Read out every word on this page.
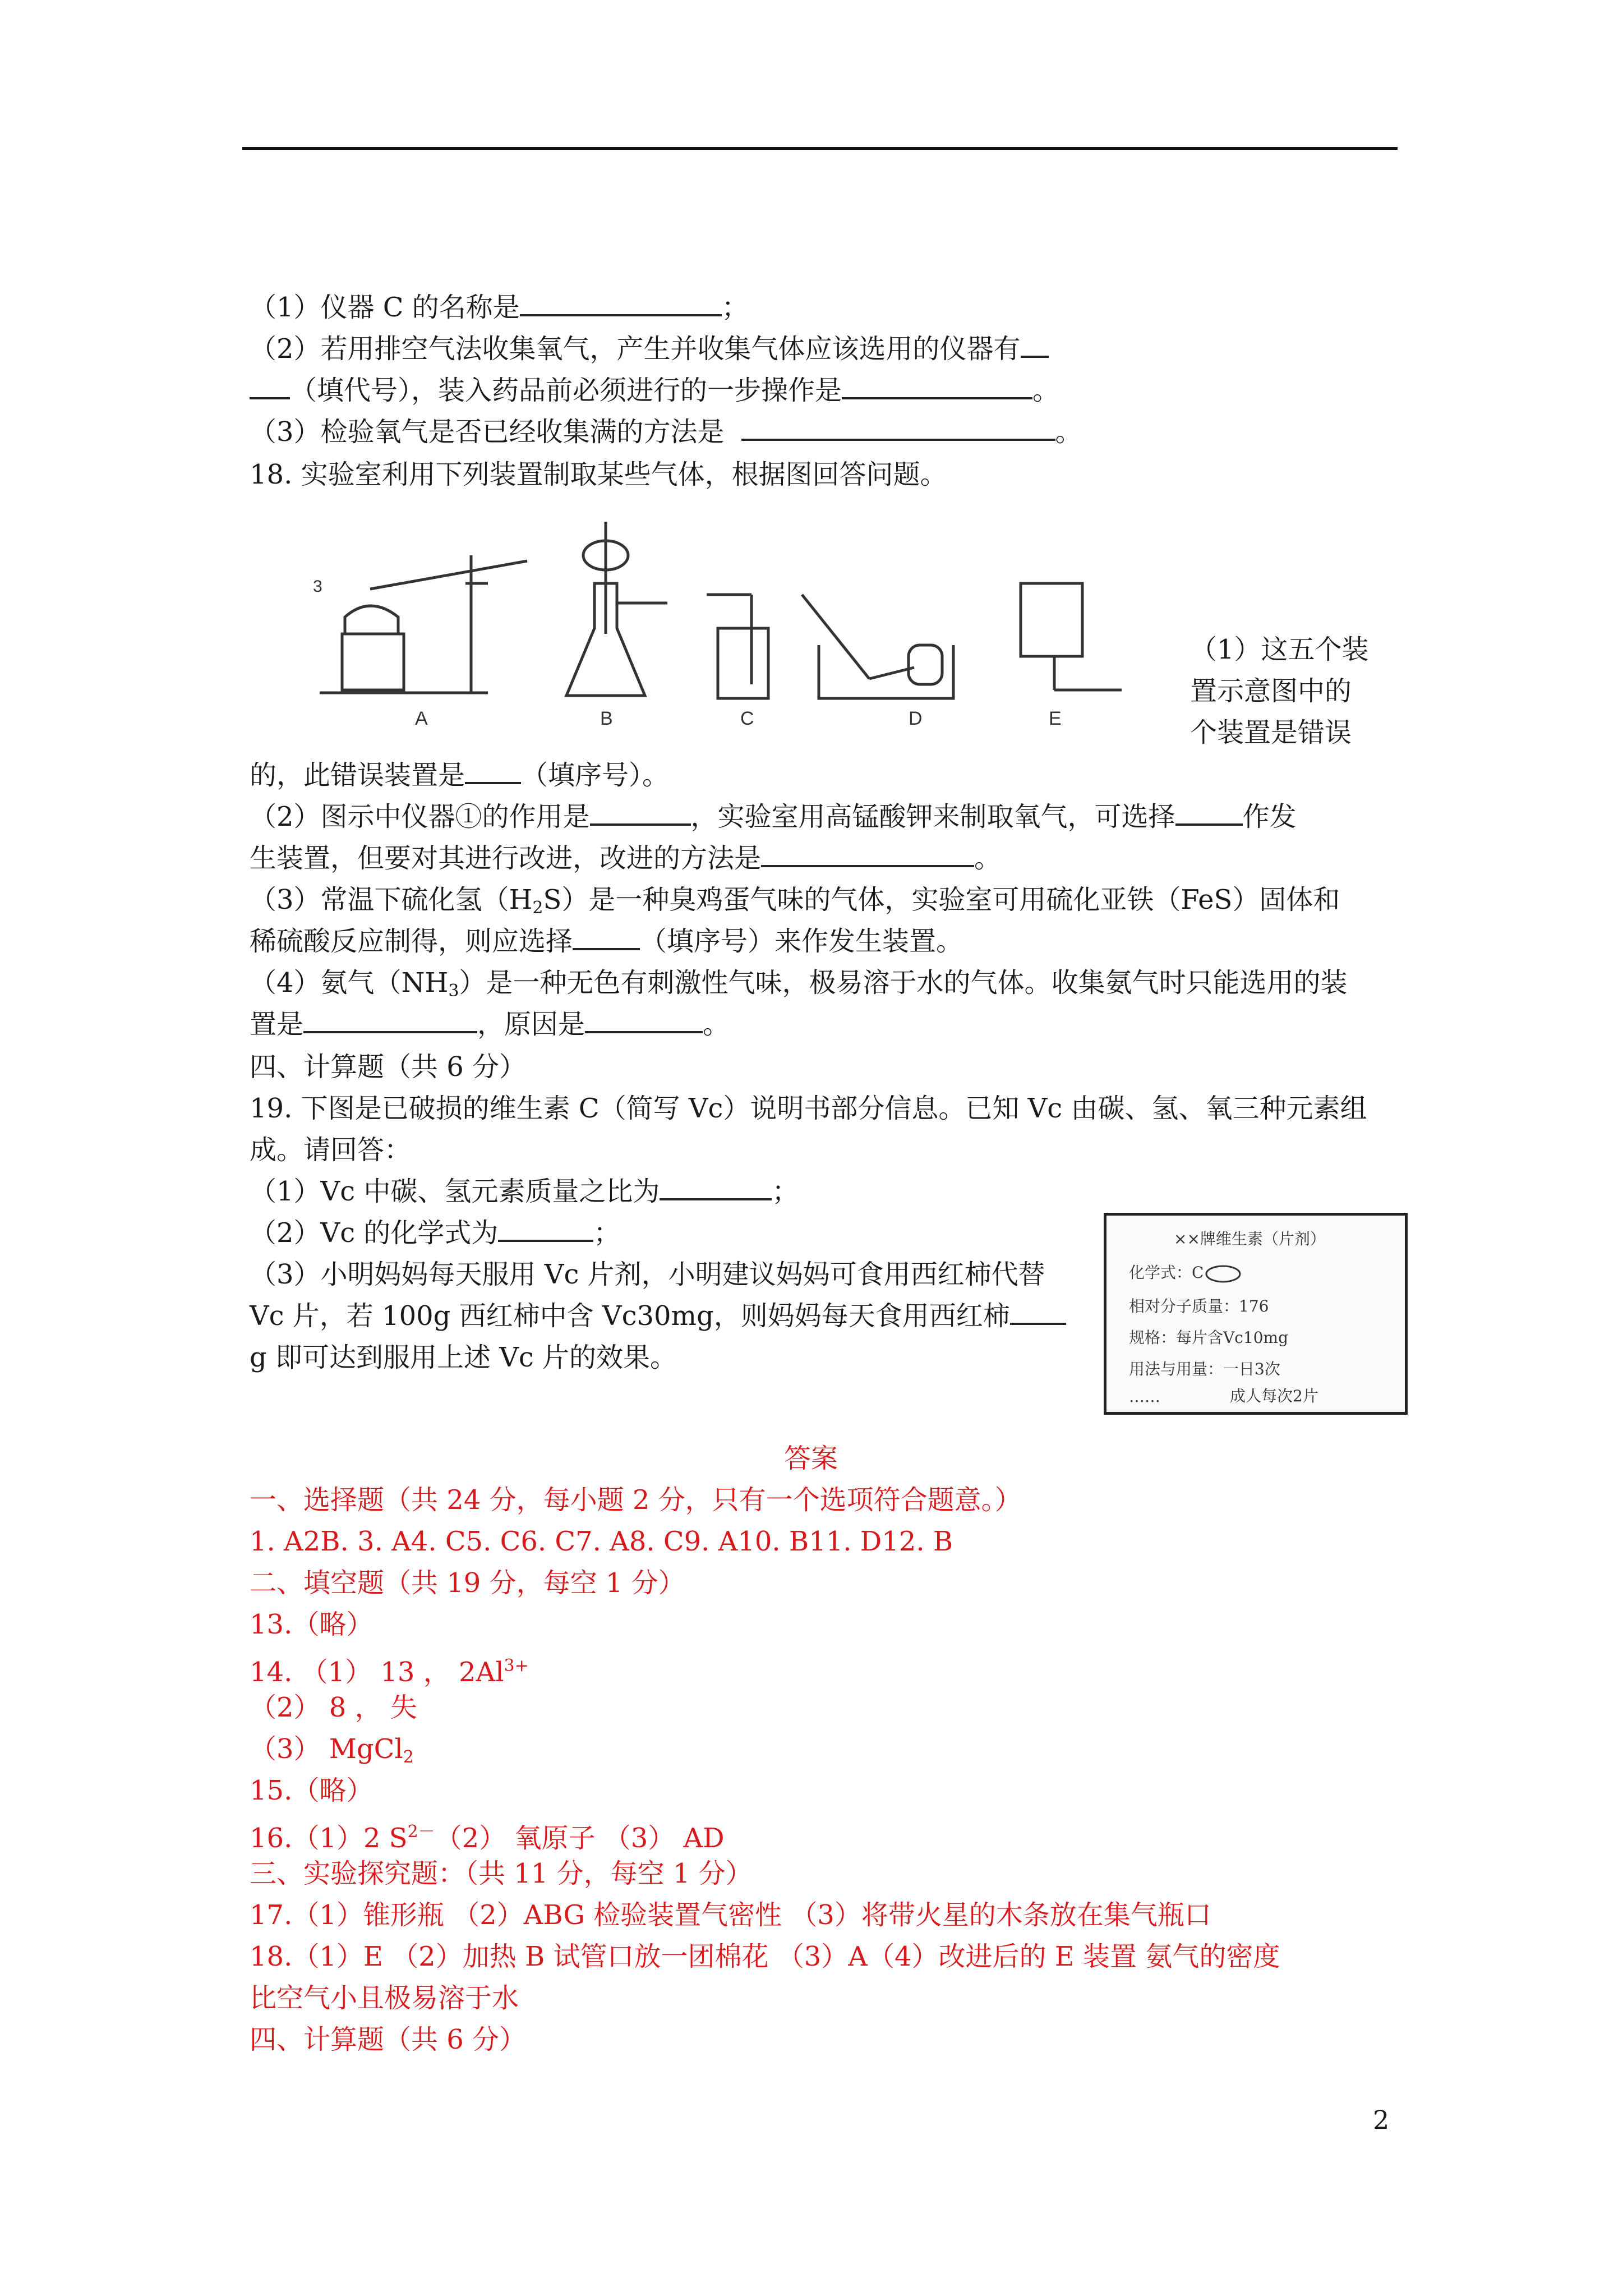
（1）仪器 C 的名称是	；
（2）若用排空气法收集氧气，产生并收集气体应该选用的仪器有
（填代号），装入药品前必须进行的一步操作是	。
（3）检验氧气是否已经收集满的方法是	。
18. 实验室利用下列装置制取某些气体，根据图回答问题。
3
A	B	C	D	E
（1）这五个装
置示意图中的
个装置是错误
的，此错误装置是 （填序号）。
（2）图示中仪器①的作用是	，实验室用高锰酸钾来制取氧气，可选择	作发
生装置，但要对其进行改进，改进的方法是	。
（3）常温下硫化氢$(H_2S)$是一种臭鸡蛋气味的气体，实验室可用硫化亚铁（FeS）固体和
稀硫酸反应制得，则应选择	（填序号）来作发生装置。
（4）氨气$(NH_3)$是一种无色有刺激性气味，极易溶于水的气体。收集氨气时只能选用的装
置是	，原因是	。
四、计算题（共 6 分）
19. 下图是已破损的维生素 C（简写 Vc）说明书部分信息。已知 Vc 由碳、氢、氧三种元素组
成。请回答：
（1）Vc 中碳、氢元素质量之比为	；
（2）Vc 的化学式为	；
（3）小明妈妈每天服用 Vc 片剂，小明建议妈妈可食用西红柿代替
Vc 片，若 100g 西红柿中含 Vc30mg，则妈妈每天食用西红柿
g 即可达到服用上述 Vc 片的效果。
××牌维生素（片剂）
化学式：C
相对分子质量：176
规格：每片含Vc10mg
用法与用量：一日3次
成人每次2片
……
答案
一、选择题（共 24 分，每小题 2 分，只有一个选项符合题意。）
1. A2B. 3. A4. C5. C6. C7. A8. C9. A10. B11. D12. B
二、填空题（共 19 分，每空 1 分）
13.（略）
14. （1） 13 ， $2Al^{3+}$
（2） 8 ， 失
（3） MgCl$_2$
15.（略）
16.（1）2 $S^{2-}(2)$ 氧原子 （3） AD
三、实验探究题：（共 11 分，每空 1 分）
17.（1）锥形瓶 （2）ABG 检验装置气密性 （3）将带火星的木条放在集气瓶口
18.（1）E （2）加热 B 试管口放一团棉花 （3）A（4）改进后的 E 装置 氨气的密度
比空气小且极易溶于水
四、计算题（共 6 分）
2
